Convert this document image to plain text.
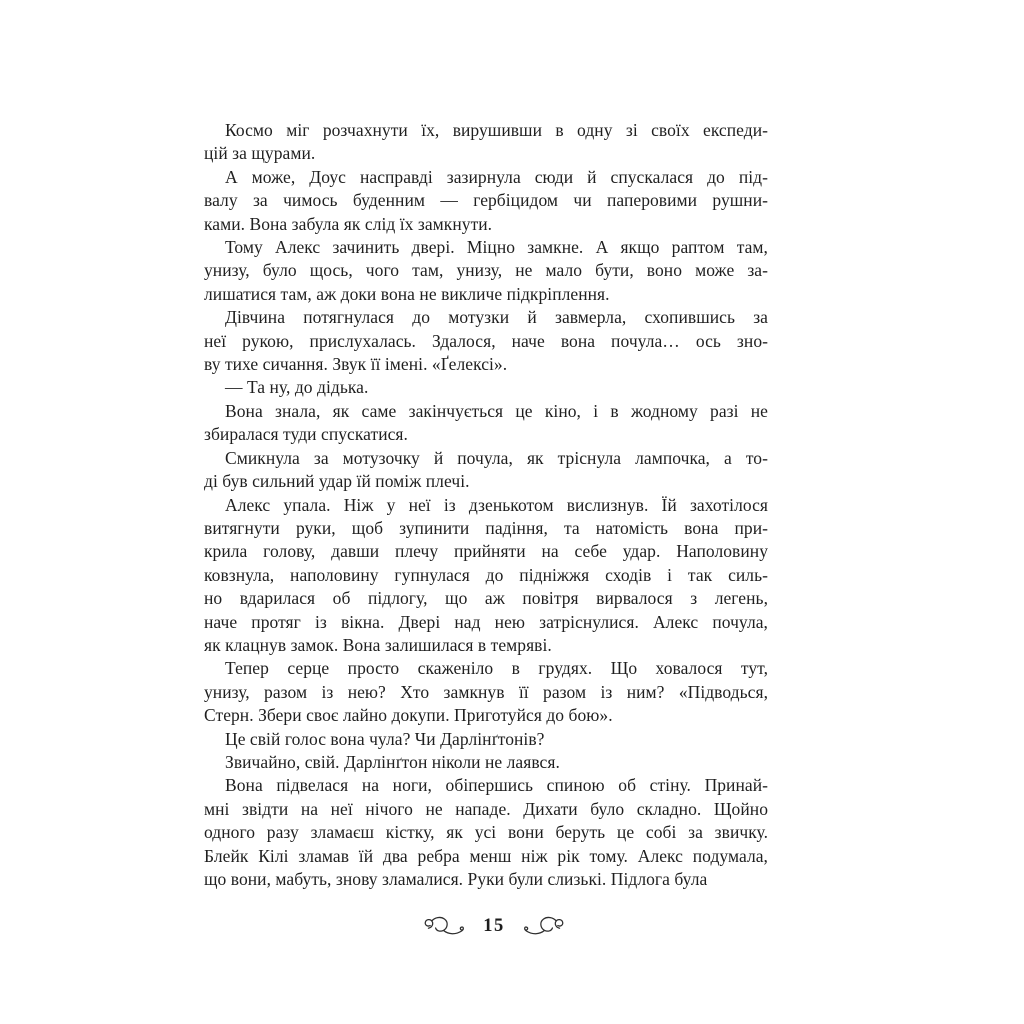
Космо міг розчахнути їх, вирушивши в одну зі своїх експеди-
цій за щурами.
А може, Доус насправді зазирнула сюди й спускалася до під-
валу за чимось буденним — гербіцидом чи паперовими рушни-
ками. Вона забула як слід їх замкнути.
Тому Алекс зачинить двері. Міцно замкне. А якщо раптом там,
унизу, було щось, чого там, унизу, не мало бути, воно може за-
лишатися там, аж доки вона не викличе підкріплення.
Дівчина потягнулася до мотузки й завмерла, схопившись за
неї рукою, прислухалась. Здалося, наче вона почула… ось зно-
ву тихе сичання. Звук її імені. «Ґелексі».
— Та ну, до дідька.
Вона знала, як саме закінчується це кіно, і в жодному разі не
збиралася туди спускатися.
Смикнула за мотузочку й почула, як тріснула лампочка, а то-
ді був сильний удар їй поміж плечі.
Алекс упала. Ніж у неї із дзенькотом вислизнув. Їй захотілося
витягнути руки, щоб зупинити падіння, та натомість вона при-
крила голову, давши плечу прийняти на себе удар. Наполовину
ковзнула, наполовину гупнулася до підніжжя сходів і так силь-
но вдарилася об підлогу, що аж повітря вирвалося з легень,
наче протяг із вікна. Двері над нею затріснулися. Алекс почула,
як клацнув замок. Вона залишилася в темряві.
Тепер серце просто скаженіло в грудях. Що ховалося тут,
унизу, разом із нею? Хто замкнув її разом із ним? «Підводься,
Стерн. Збери своє лайно докупи. Приготуйся до бою».
Це свій голос вона чула? Чи Дарлінґтонів?
Звичайно, свій. Дарлінґтон ніколи не лаявся.
Вона підвелася на ноги, обіпершись спиною об стіну. Принай-
мні звідти на неї нічого не нападе. Дихати було складно. Щойно
одного разу зламаєш кістку, як усі вони беруть це собі за звичку.
Блейк Кілі зламав їй два ребра менш ніж рік тому. Алекс подумала,
що вони, мабуть, знову зламалися. Руки були слизькі. Підлога була
15
